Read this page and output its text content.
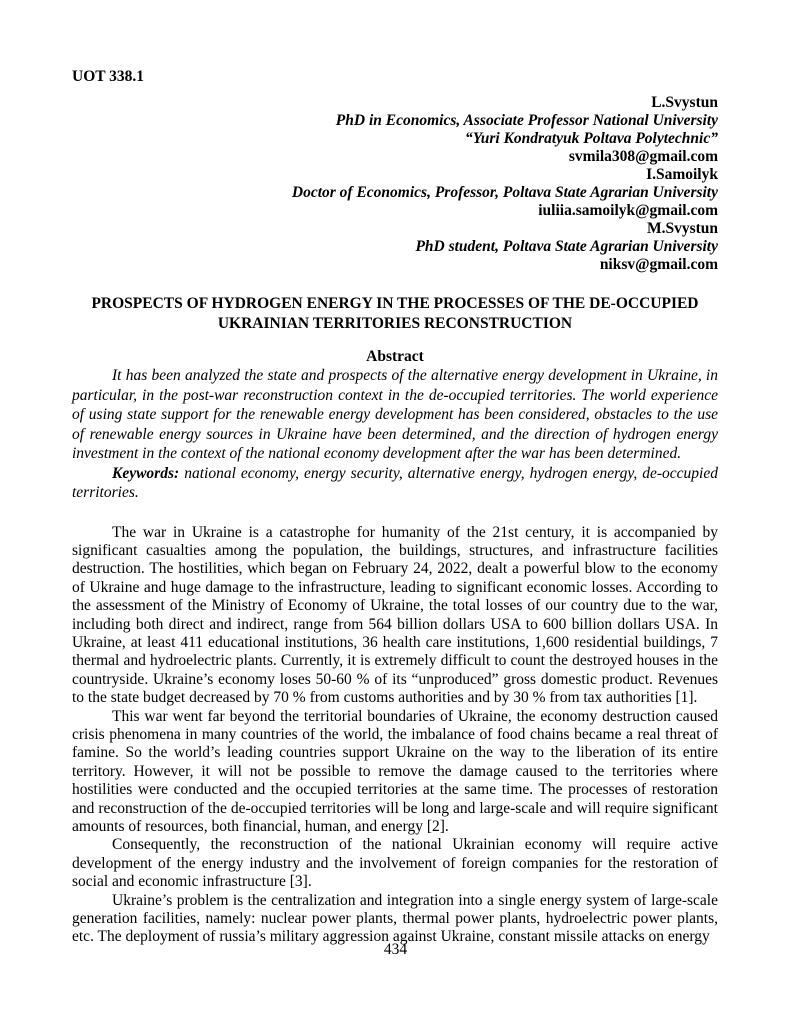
UOT 338.1
L.Svystun
PhD in Economics, Associate Professor National University
“Yuri Kondratyuk Poltava Polytechnic”
svmila308@gmail.com
I.Samoilyk
Doctor of Economics, Professor, Poltava State Agrarian University
iuliia.samoilyk@gmail.com
M.Svystun
PhD student, Poltava State Agrarian University
niksv@gmail.com
PROSPECTS OF HYDROGEN ENERGY IN THE PROCESSES OF THE DE-OCCUPIED UKRAINIAN TERRITORIES RECONSTRUCTION
Abstract

It has been analyzed the state and prospects of the alternative energy development in Ukraine, in particular, in the post-war reconstruction context in the de-occupied territories. The world experience of using state support for the renewable energy development has been considered, obstacles to the use of renewable energy sources in Ukraine have been determined, and the direction of hydrogen energy investment in the context of the national economy development after the war has been determined.

Keywords: national economy, energy security, alternative energy, hydrogen energy, de-occupied territories.

The war in Ukraine is a catastrophe for humanity of the 21st century, it is accompanied by significant casualties among the population, the buildings, structures, and infrastructure facilities destruction. The hostilities, which began on February 24, 2022, dealt a powerful blow to the economy of Ukraine and huge damage to the infrastructure, leading to significant economic losses. According to the assessment of the Ministry of Economy of Ukraine, the total losses of our country due to the war, including both direct and indirect, range from 564 billion dollars USA to 600 billion dollars USA. In Ukraine, at least 411 educational institutions, 36 health care institutions, 1,600 residential buildings, 7 thermal and hydroelectric plants. Currently, it is extremely difficult to count the destroyed houses in the countryside. Ukraine’s economy loses 50-60 % of its “unproduced” gross domestic product. Revenues to the state budget decreased by 70 % from customs authorities and by 30 % from tax authorities [1].

This war went far beyond the territorial boundaries of Ukraine, the economy destruction caused crisis phenomena in many countries of the world, the imbalance of food chains became a real threat of famine. So the world’s leading countries support Ukraine on the way to the liberation of its entire territory. However, it will not be possible to remove the damage caused to the territories where hostilities were conducted and the occupied territories at the same time. The processes of restoration and reconstruction of the de-occupied territories will be long and large-scale and will require significant amounts of resources, both financial, human, and energy [2].

Consequently, the reconstruction of the national Ukrainian economy will require active development of the energy industry and the involvement of foreign companies for the restoration of social and economic infrastructure [3].

Ukraine’s problem is the centralization and integration into a single energy system of large-scale generation facilities, namely: nuclear power plants, thermal power plants, hydroelectric power plants, etc. The deployment of russia’s military aggression against Ukraine, constant missile attacks on energy

434
